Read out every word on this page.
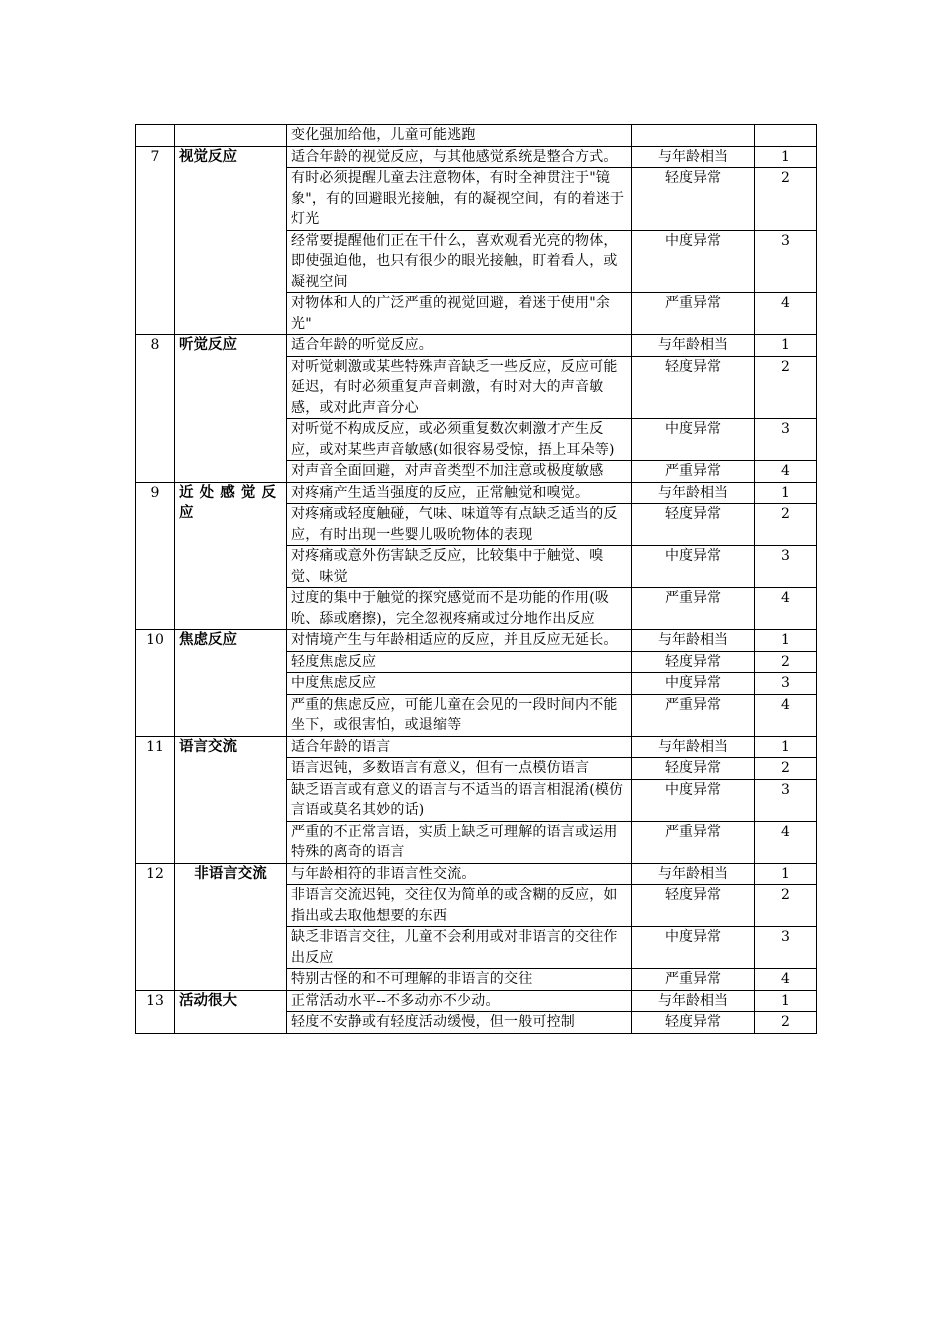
		变化强加给他，儿童可能逃跑		
7	视觉反应	适合年龄的视觉反应，与其他感觉系统是整合方式。	与年龄相当	1
		有时必须提醒儿童去注意物体，有时全神贯注于"镜象"，有的回避眼光接触，有的凝视空间，有的着迷于灯光	轻度异常	2
		经常要提醒他们正在干什么，喜欢观看光亮的物体，即使强迫他，也只有很少的眼光接触，盯着看人，或凝视空间	中度异常	3
		对物体和人的广泛严重的视觉回避，着迷于使用"余光"	严重异常	4
8	听觉反应	适合年龄的听觉反应。	与年龄相当	1
		对听觉刺激或某些特殊声音缺乏一些反应，反应可能延迟，有时必须重复声音刺激，有时对大的声音敏感，或对此声音分心	轻度异常	2
		对听觉不构成反应，或必须重复数次刺激才产生反应，或对某些声音敏感(如很容易受惊，捂上耳朵等)	中度异常	3
		对声音全面回避，对声音类型不加注意或极度敏感	严重异常	4
9	近处感觉反应	对疼痛产生适当强度的反应，正常触觉和嗅觉。	与年龄相当	1
		对疼痛或轻度触碰，气味、味道等有点缺乏适当的反应，有时出现一些婴儿吸吮物体的表现	轻度异常	2
		对疼痛或意外伤害缺乏反应，比较集中于触觉、嗅觉、味觉	中度异常	3
		过度的集中于触觉的探究感觉而不是功能的作用(吸吮、舔或磨擦)，完全忽视疼痛或过分地作出反应	严重异常	4
10	焦虑反应	对情境产生与年龄相适应的反应，并且反应无延长。	与年龄相当	1
		轻度焦虑反应	轻度异常	2
		中度焦虑反应	中度异常	3
		严重的焦虑反应，可能儿童在会见的一段时间内不能坐下，或很害怕，或退缩等	严重异常	4
11	语言交流	适合年龄的语言	与年龄相当	1
		语言迟钝，多数语言有意义，但有一点模仿语言	轻度异常	2
		缺乏语言或有意义的语言与不适当的语言相混淆(模仿言语或莫名其妙的话)	中度异常	3
		严重的不正常言语，实质上缺乏可理解的语言或运用特殊的离奇的语言	严重异常	4
12	非语言交流	与年龄相符的非语言性交流。	与年龄相当	1
		非语言交流迟钝，交往仅为简单的或含糊的反应，如指出或去取他想要的东西	轻度异常	2
		缺乏非语言交往，儿童不会利用或对非语言的交往作出反应	中度异常	3
		特别古怪的和不可理解的非语言的交往	严重异常	4
13	活动很大	正常活动水平--不多动亦不少动。	与年龄相当	1
		轻度不安静或有轻度活动缓慢，但一般可控制	轻度异常	2
